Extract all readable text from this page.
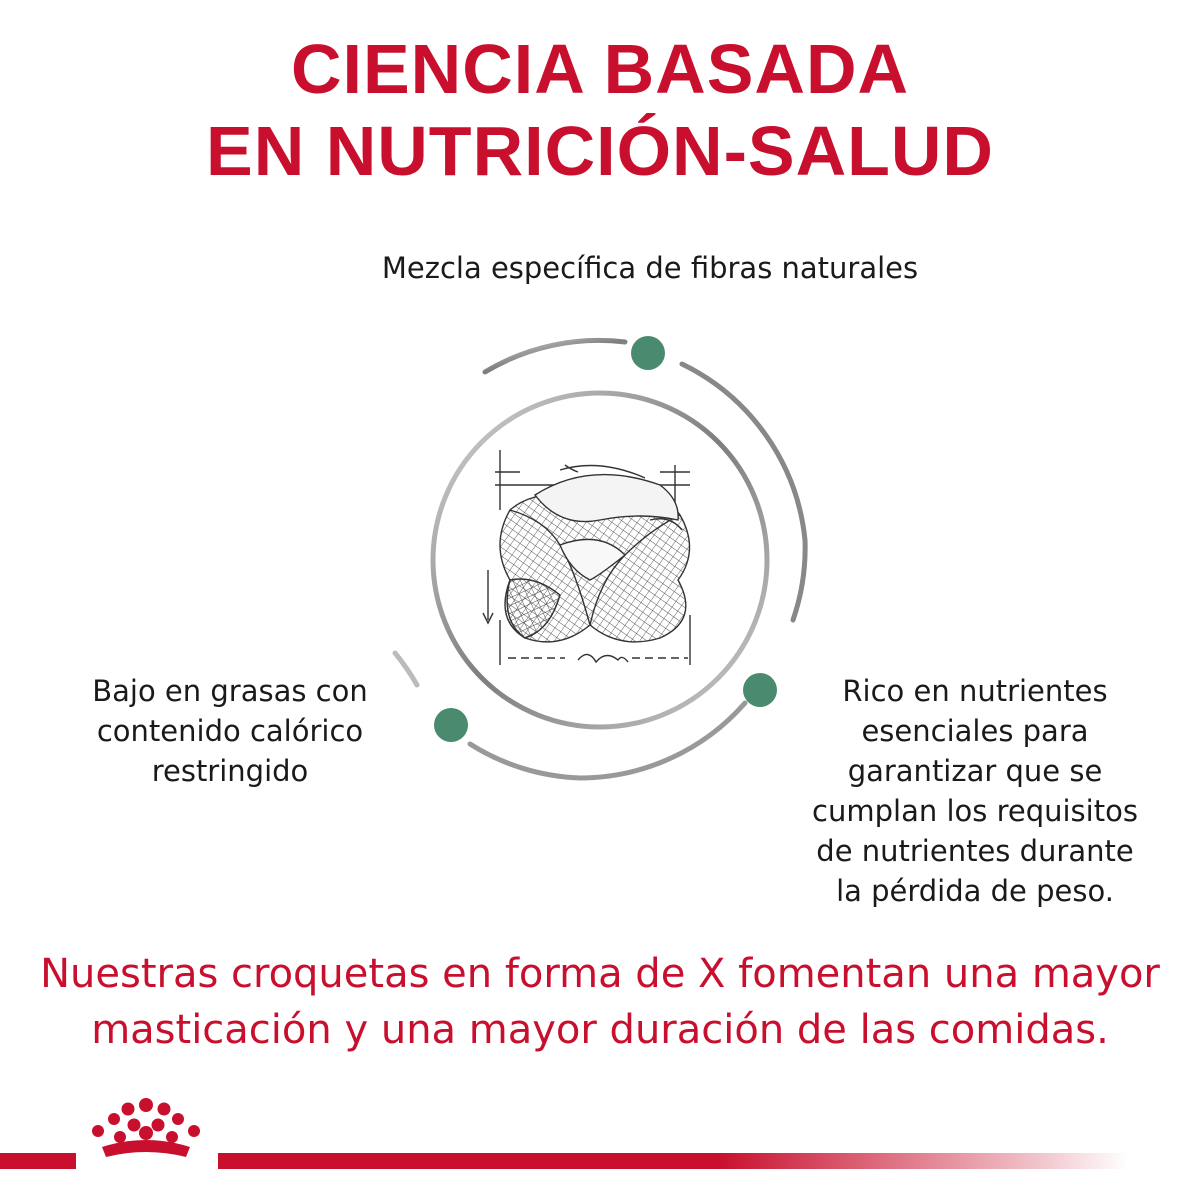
CIENCIA BASADA
EN NUTRICIÓN-SALUD
Mezcla específica de fibras naturales
Bajo en grasas con
contenido calórico
restringido
Rico en nutrientes
esenciales para
garantizar que se
cumplan los requisitos
de nutrientes durante
la pérdida de peso.
Nuestras croquetas en forma de X fomentan una mayor
masticación y una mayor duración de las comidas.
